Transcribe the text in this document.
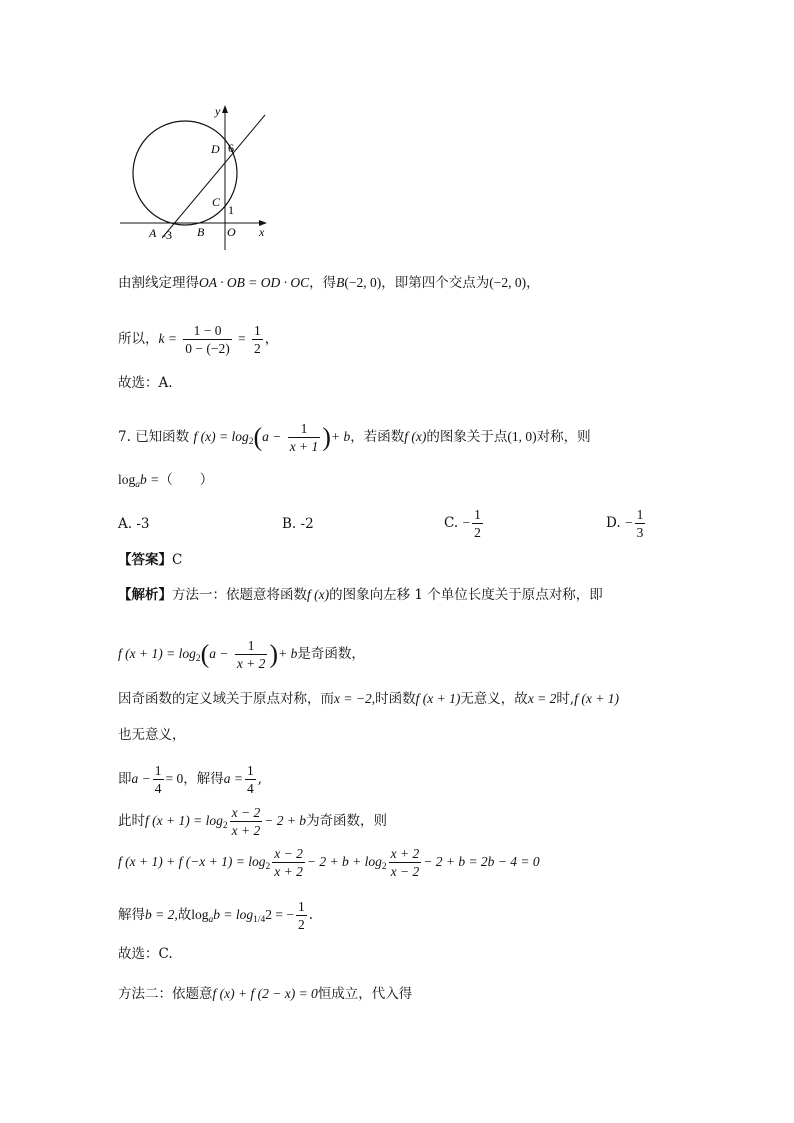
y
D 6
C
1
A -3 B O x
由割线定理得OA · OB = OD · OC，得B(−2, 0)，即第四个交点为(−2, 0)，
所以，$k = \frac{1 - 0}{0 - (-2)} = \frac{1}{2}$ ，
故选：A.
7. 已知函数 f $(x) = \log_2(a - \frac{1}{x + 1}$ )+ b，若函数f (x)的图象关于点(1, 0)对称，则
$\log_ab$ =（　　）
A. -3	B. -2	C. − $\frac{1}{2}$	D. − $\frac{1}{3}$
【答案】C
【解析】方法一：依题意将函数f (x)的图象向左移 1 个单位长度关于原点对称，即
f $(x + 1) = \log_2(a - \frac{1}{x + 2}$ )+ b是奇函数，
因奇函数的定义域关于原点对称，而x = −2,时函数f (x + 1)无意义，故x = 2时,f (x + 1)
也无意义，
即$a - \frac{1}{4} = 0$，解得$a = \frac{1}{4}$ ,
此时f $(x + 1) = \log_2 \frac{x - 2}{x + 2} - 2 + b$为奇函数，则
f (x + 1) + f $(-x + 1) = \log_2 \frac{x - 2}{x + 2} - 2 + b + \log_2 \frac{x + 2}{x - 2} - 2 + b = 2b - 4 = 0$
解得b = 2,故$\log_ab = \log_{1/4}2$ = − $\frac{1}{2}$ .
故选：C.
方法二：依题意f (x) + f (2 − x) = 0恒成立，代入得
